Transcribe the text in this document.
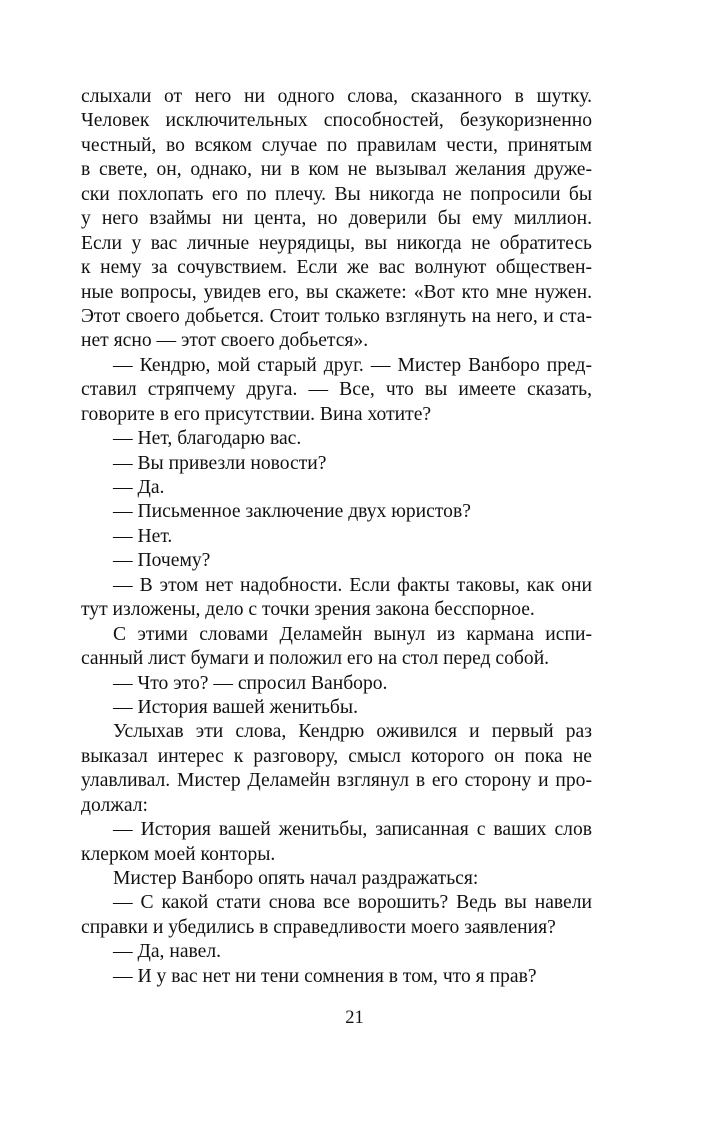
слыхали от него ни одного слова, сказанного в шутку.
Человек исключительных способностей, безукоризненно
честный, во всяком случае по правилам чести, принятым
в свете, он, однако, ни в ком не вызывал желания друже-
ски похлопать его по плечу. Вы никогда не попросили бы
у него взаймы ни цента, но доверили бы ему миллион.
Если у вас личные неурядицы, вы никогда не обратитесь
к нему за сочувствием. Если же вас волнуют обществен-
ные вопросы, увидев его, вы скажете: «Вот кто мне нужен.
Этот своего добьется. Стоит только взглянуть на него, и ста-
нет ясно — этот своего добьется».
— Кендрю, мой старый друг. — Мистер Ванборо пред-
ставил стряпчему друга. — Все, что вы имеете сказать,
говорите в его присутствии. Вина хотите?
— Нет, благодарю вас.
— Вы привезли новости?
— Да.
— Письменное заключение двух юристов?
— Нет.
— Почему?
— В этом нет надобности. Если факты таковы, как они
тут изложены, дело с точки зрения закона бесспорное.
С этими словами Деламейн вынул из кармана испи-
санный лист бумаги и положил его на стол перед собой.
— Что это? — спросил Ванборо.
— История вашей женитьбы.
Услыхав эти слова, Кендрю оживился и первый раз
выказал интерес к разговору, смысл которого он пока не
улавливал. Мистер Деламейн взглянул в его сторону и про-
должал:
— История вашей женитьбы, записанная с ваших слов
клерком моей конторы.
Мистер Ванборо опять начал раздражаться:
— С какой стати снова все ворошить? Ведь вы навели
справки и убедились в справедливости моего заявления?
— Да, навел.
— И у вас нет ни тени сомнения в том, что я прав?
21
